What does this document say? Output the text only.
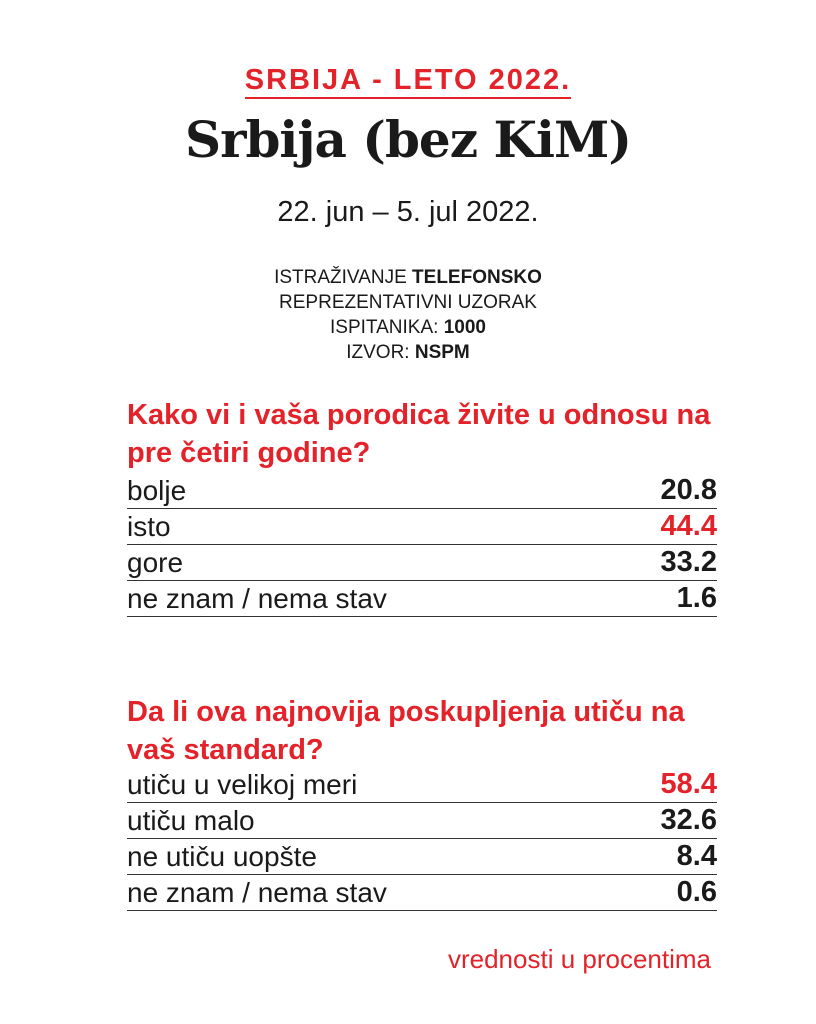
SRBIJA - LETO 2022.
Srbija (bez KiM)
22. jun – 5. jul 2022.
ISTRAŽIVANJE TELEFONSKO
REPREZENTATIVNI UZORAK
ISPITANIKA: 1000
IZVOR: NSPM
Kako vi i vaša porodica živite u odnosu na pre četiri godine?
bolje	20.8
isto	44.4
gore	33.2
ne znam / nema stav	1.6
Da li ova najnovija poskupljenja utiču na vaš standard?
utiču u velikoj meri	58.4
utiču malo	32.6
ne utiču uopšte	8.4
ne znam / nema stav	0.6
vrednosti u procentima
